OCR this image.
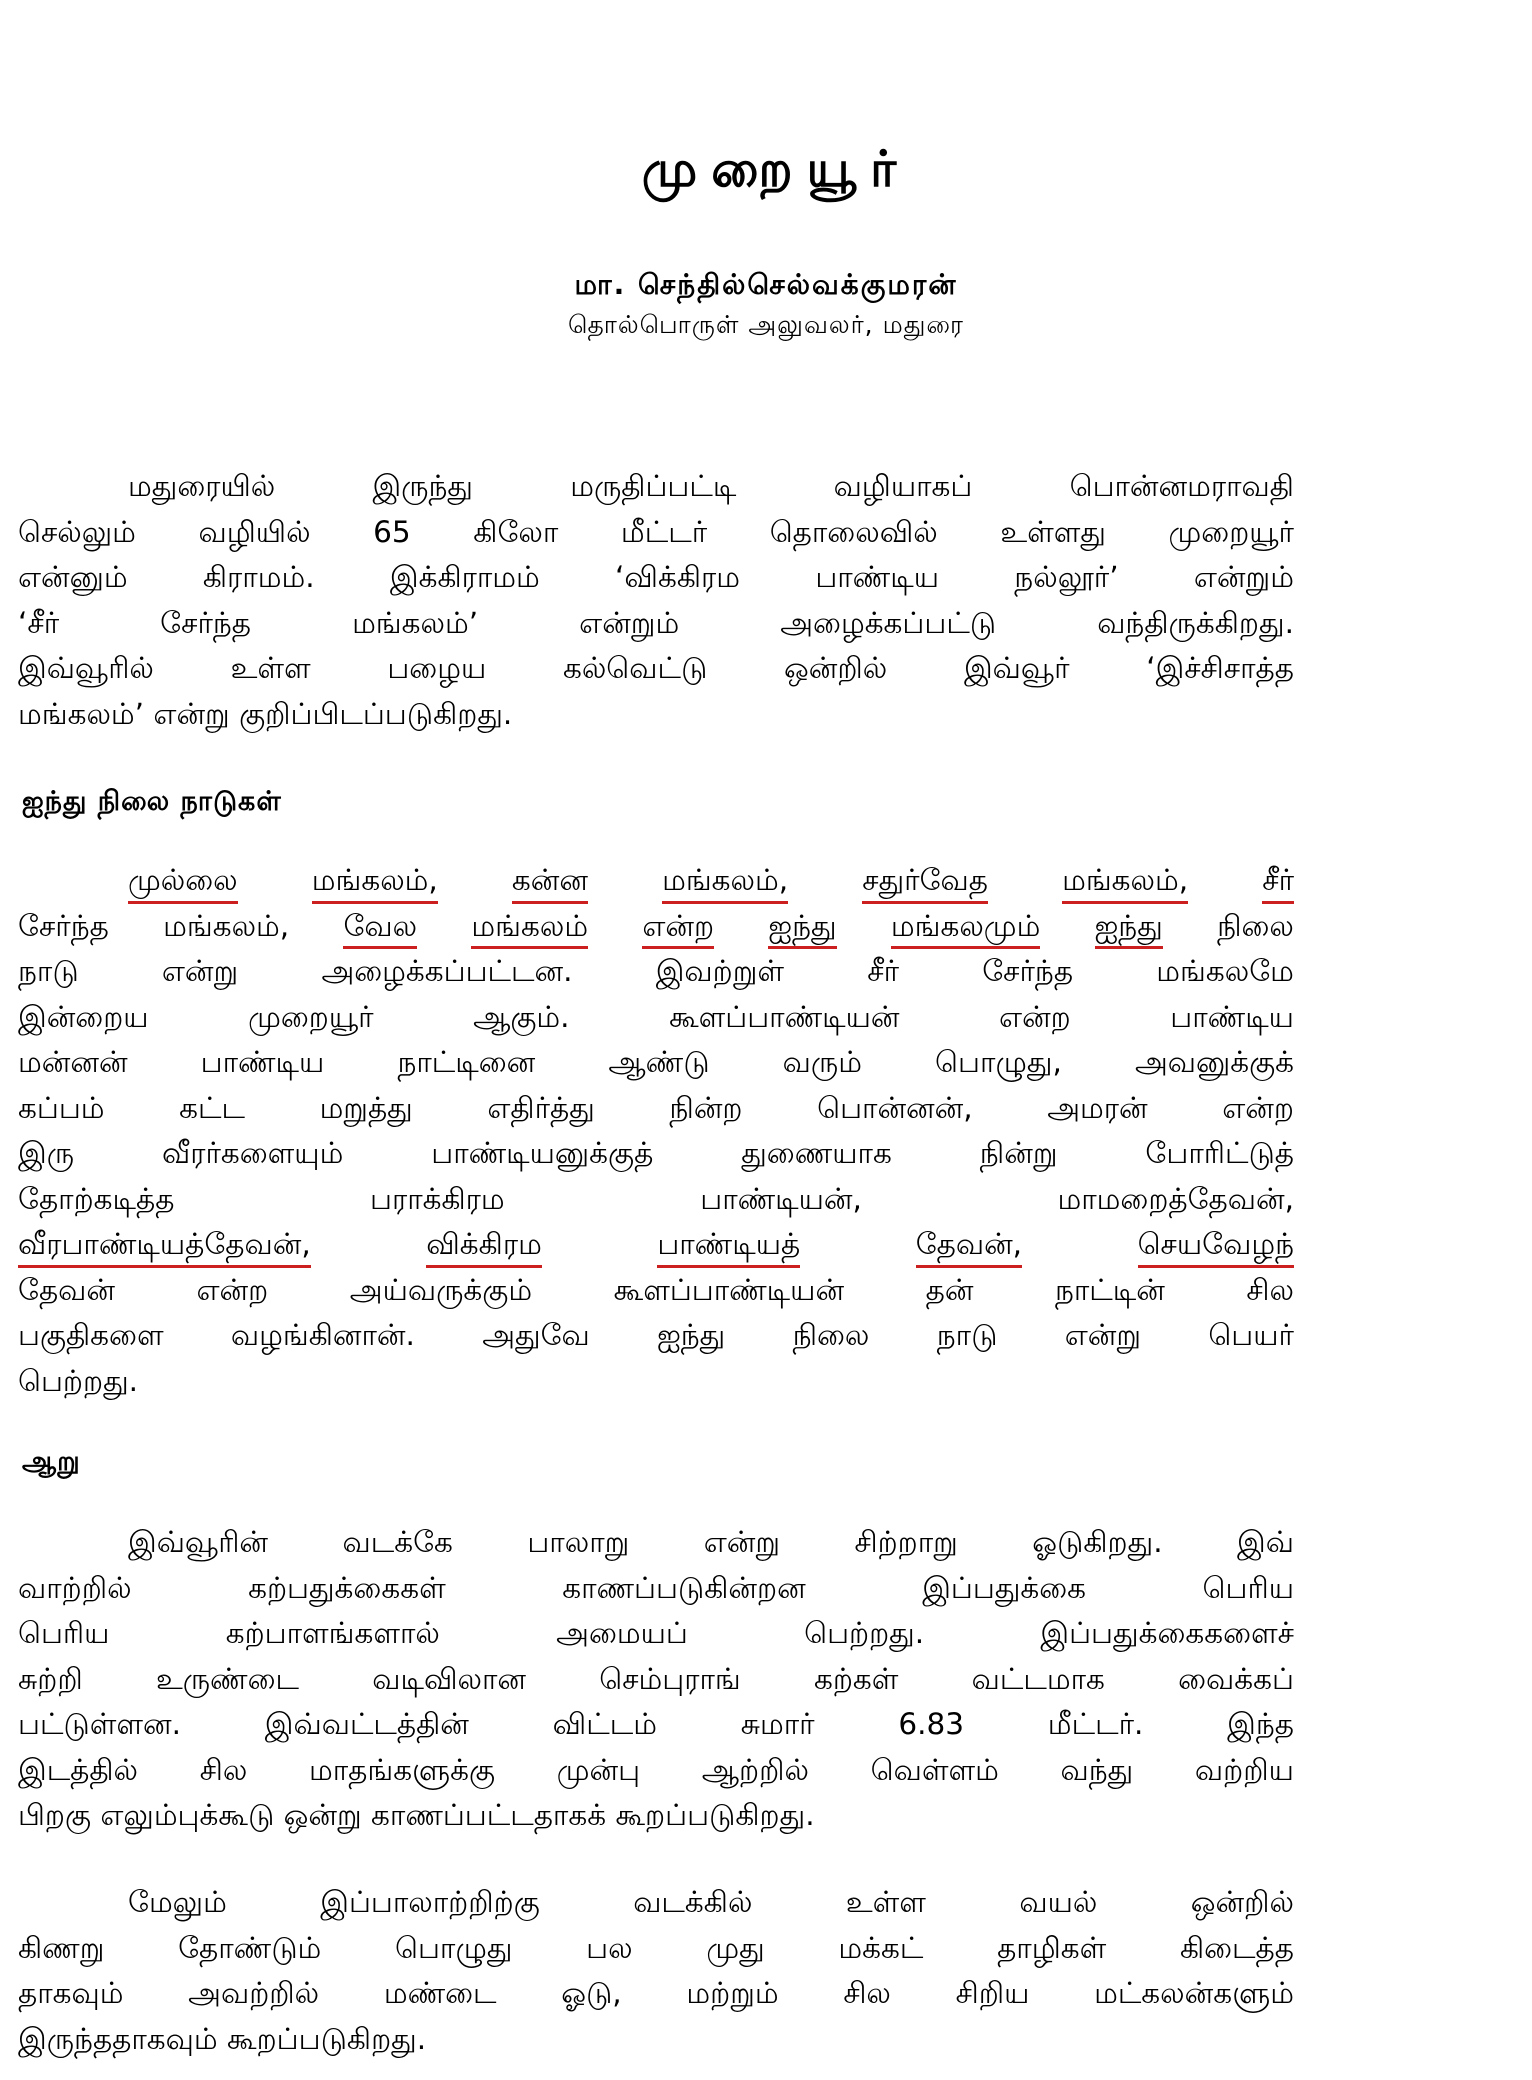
முறையூர்
மா. செந்தில்செல்வக்குமரன்
தொல்பொருள் அலுவலர், மதுரை
மதுரையில்	இருந்து	மருதிப்பட்டி	வழியாகப்	பொன்னமராவதி
செல்லும் வழியில் 65 கிலோ மீட்டர் தொலைவில் உள்ளது முறையூர்
என்னும்	கிராமம்.	இக்கிராமம்	‘விக்கிரம	பாண்டிய	நல்லூர்’	என்றும்
‘சீர்	சேர்ந்த	மங்கலம்’	என்றும்	அழைக்கப்பட்டு	வந்திருக்கிறது.
இவ்வூரில்	உள்ள	பழைய	கல்வெட்டு	ஒன்றில்	இவ்வூர்	‘இச்சிசாத்த
மங்கலம்’ என்று குறிப்பிடப்படுகிறது.
ஐந்து நிலை நாடுகள்
முல்லை	மங்கலம்,	கன்ன	மங்கலம்,	சதுர்வேத	மங்கலம்,	சீர்
சேர்ந்த மங்கலம், வேல மங்கலம் என்ற ஐந்து மங்கலமும் ஐந்து நிலை
நாடு	என்று	அழைக்கப்பட்டன.	இவற்றுள்	சீர்	சேர்ந்த	மங்கலமே
இன்றைய	முறையூர்	ஆகும்.	கூளப்பாண்டியன்	என்ற	பாண்டிய
மன்னன் பாண்டிய நாட்டினை ஆண்டு வரும் பொழுது, அவனுக்குக்
கப்பம்	கட்ட	மறுத்து	எதிர்த்து	நின்ற	பொன்னன்,	அமரன்	என்ற
இரு	வீரர்களையும்	பாண்டியனுக்குத்	துணையாக	நின்று	போரிட்டுத்
தோற்கடித்த	பராக்கிரம	பாண்டியன்,	மாமறைத்தேவன்,
வீரபாண்டியத்தேவன்,	விக்கிரம	பாண்டியத்	தேவன்,	செயவேழந்
தேவன்	என்ற	அய்வருக்கும்	கூளப்பாண்டியன்	தன்	நாட்டின்	சில
பகுதிகளை வழங்கினான். அதுவே ஐந்து நிலை நாடு என்று பெயர்
பெற்றது.
ஆறு
இவ்வூரின்	வடக்கே	பாலாறு	என்று	சிற்றாறு	ஓடுகிறது.	இவ்
வாற்றில்	கற்பதுக்கைகள்	காணப்படுகின்றன	இப்பதுக்கை	பெரிய
பெரிய	கற்பாளங்களால்	அமையப்	பெற்றது.	இப்பதுக்கைகளைச்
சுற்றி உருண்டை வடிவிலான செம்புராங் கற்கள் வட்டமாக வைக்கப்
பட்டுள்ளன.	இவ்வட்டத்தின்	விட்டம்	சுமார்	6.83	மீட்டர்.	இந்த
இடத்தில் சில மாதங்களுக்கு முன்பு ஆற்றில் வெள்ளம் வந்து வற்றிய
பிறகு எலும்புக்கூடு ஒன்று காணப்பட்டதாகக் கூறப்படுகிறது.
மேலும்	இப்பாலாற்றிற்கு	வடக்கில்	உள்ள	வயல்	ஒன்றில்
கிணறு தோண்டும் பொழுது பல முது மக்கட் தாழிகள் கிடைத்த
தாகவும் அவற்றில் மண்டை ஓடு, மற்றும் சில சிறிய மட்கலன்களும்
இருந்ததாகவும் கூறப்படுகிறது.
